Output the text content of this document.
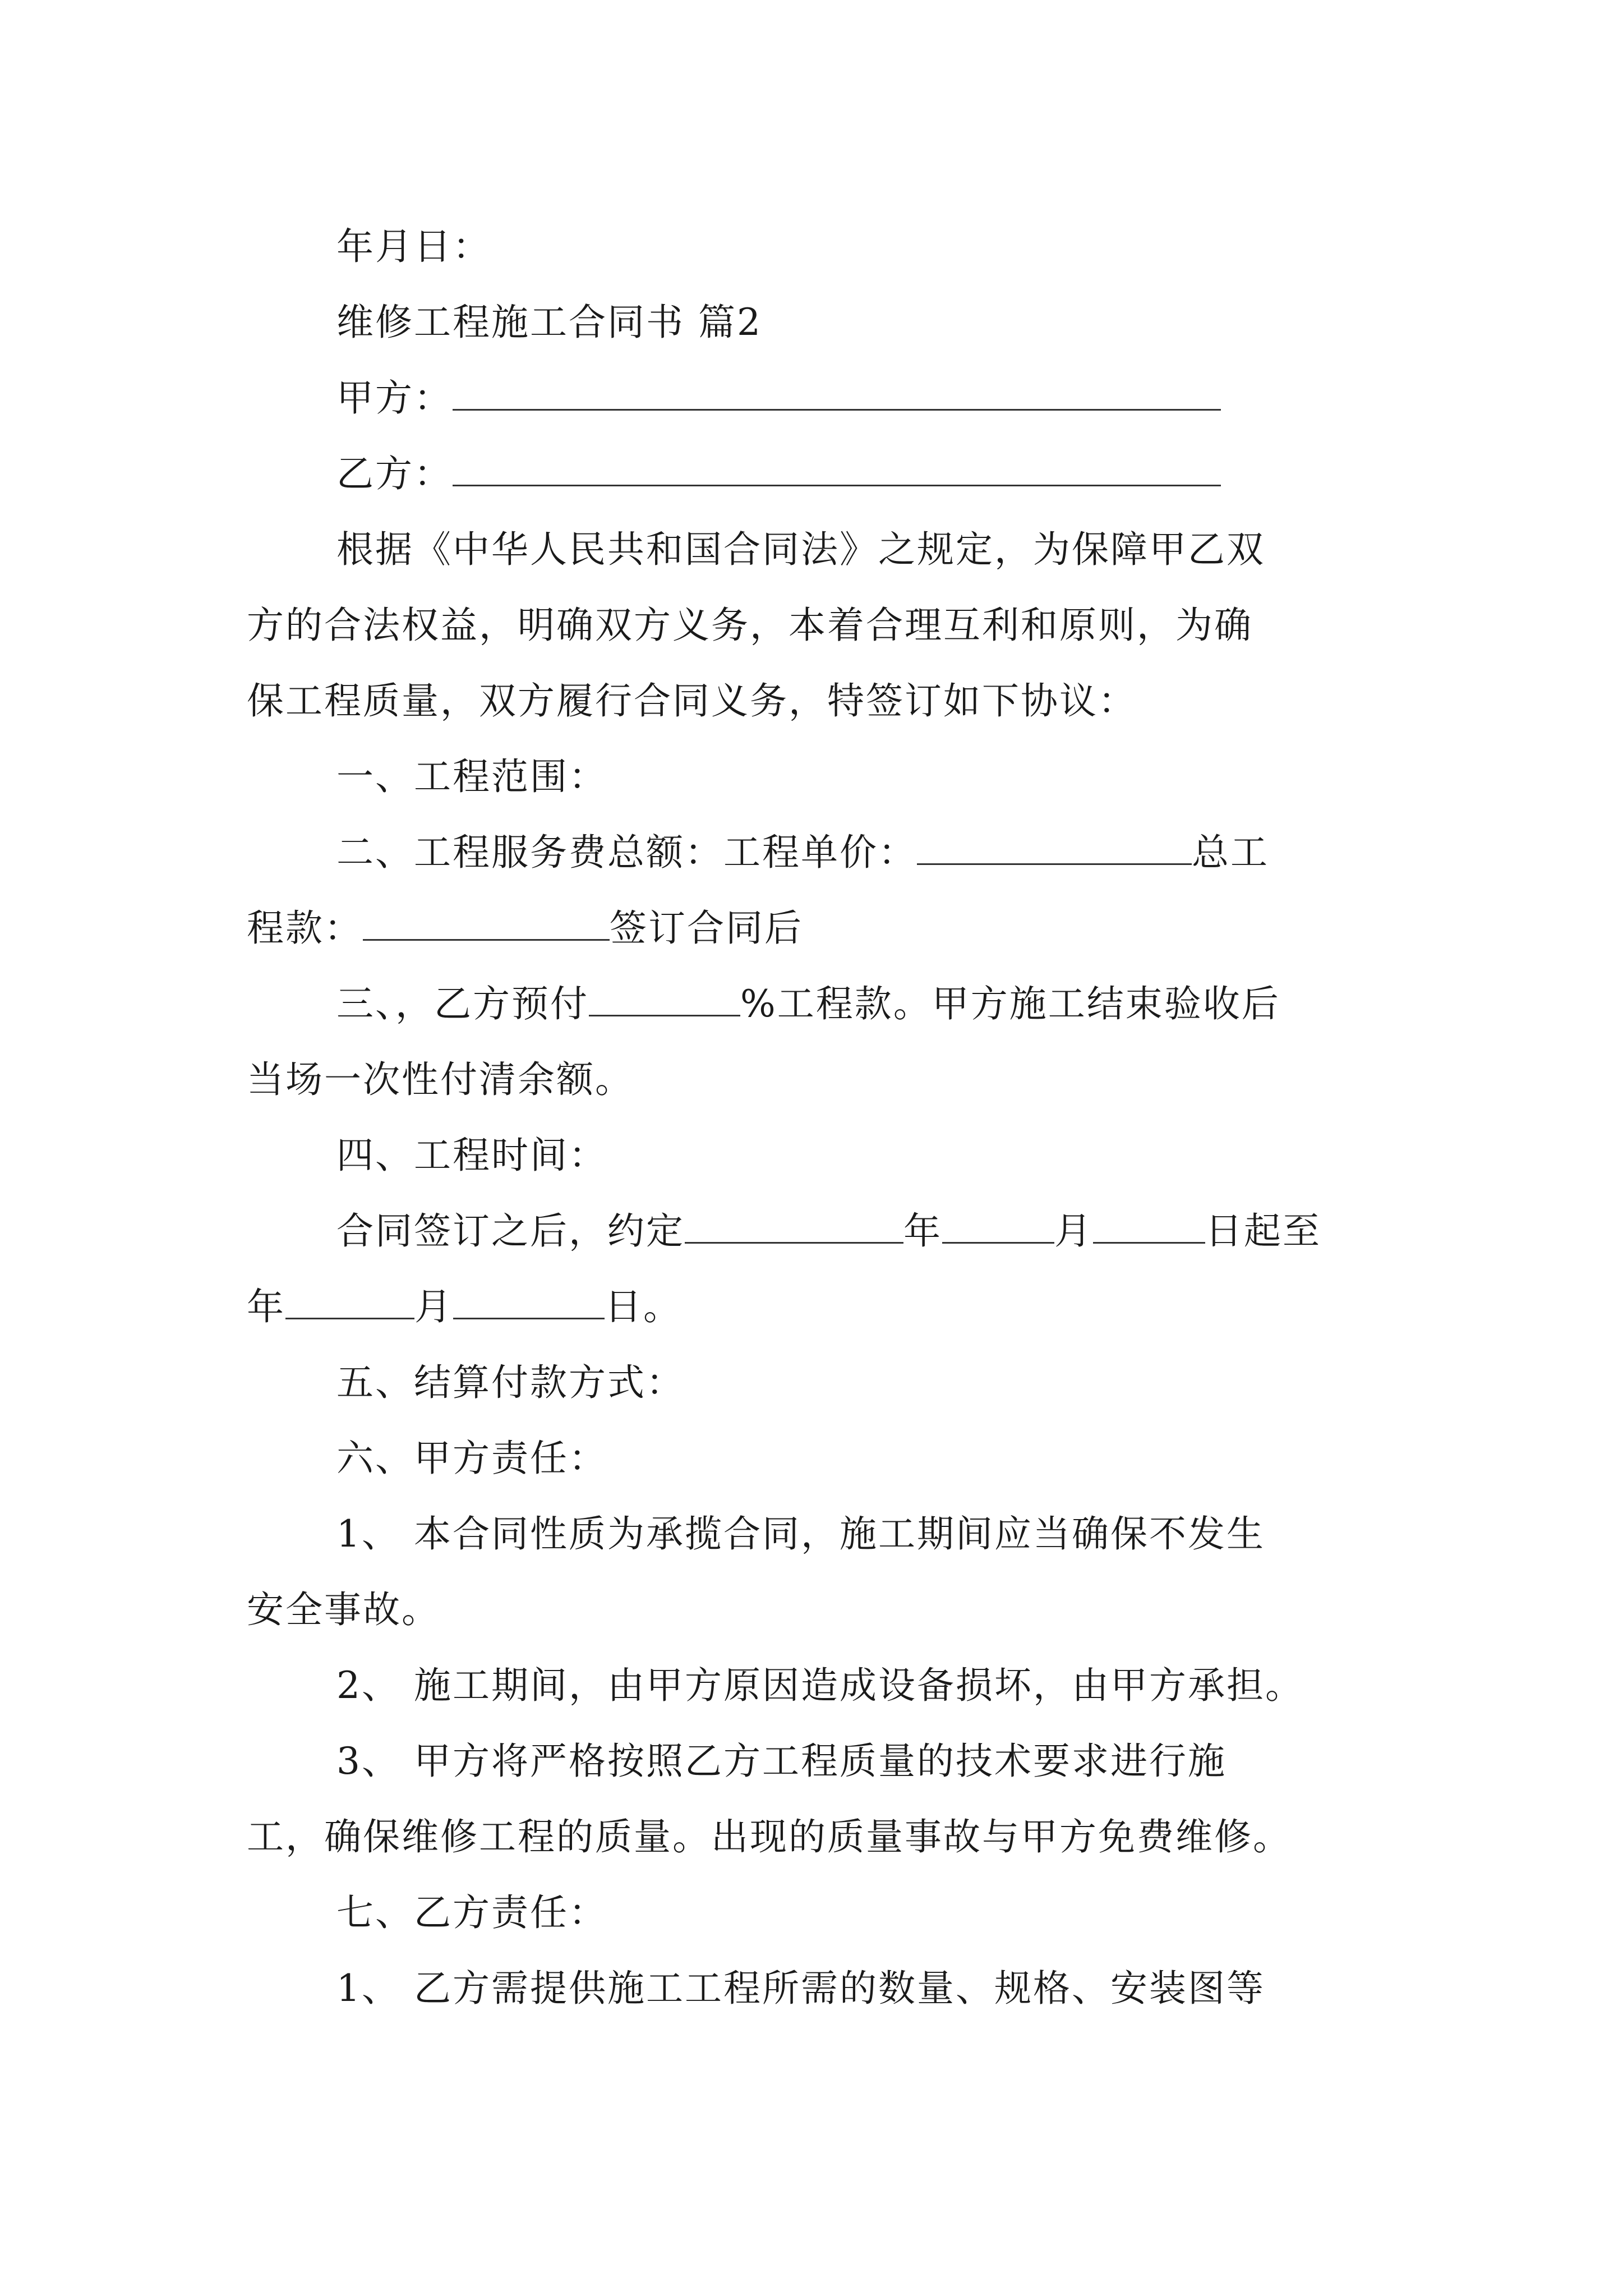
年月日：
维修工程施工合同书 篇2
甲方：
乙方：
根据《中华人民共和国合同法》之规定，为保障甲乙双
方的合法权益，明确双方义务，本着合理互利和原则，为确
保工程质量，双方履行合同义务，特签订如下协议：
一、工程范围：
二、工程服务费总额：工程单价：	总工
程款：	签订合同后
三、，乙方预付	%工程款。甲方施工结束验收后
当场一次性付清余额。
四、工程时间：
合同签订之后，约定	年	月	日起至
年	月	日。
五、结算付款方式：
六、甲方责任：
1、 本合同性质为承揽合同，施工期间应当确保不发生
安全事故。
2、 施工期间，由甲方原因造成设备损坏，由甲方承担。
3、 甲方将严格按照乙方工程质量的技术要求进行施
工，确保维修工程的质量。出现的质量事故与甲方免费维修。
七、乙方责任：
1、 乙方需提供施工工程所需的数量、规格、安装图等
